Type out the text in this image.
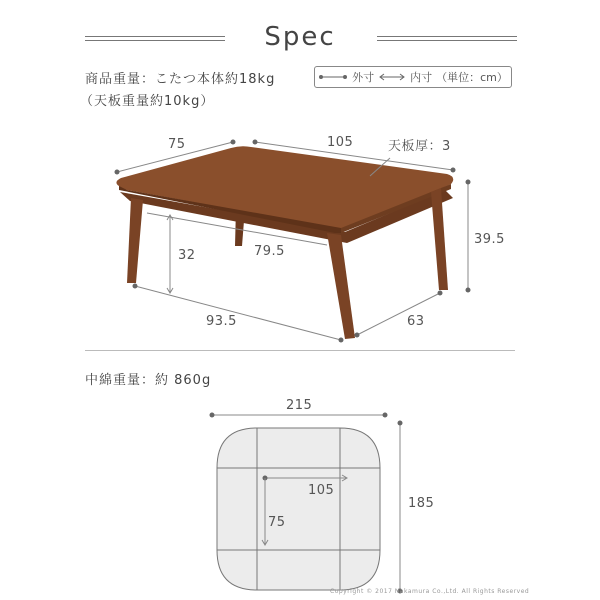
Spec
商品重量：こたつ本体約18kg
（天板重量約10kg）
外寸	内寸 （単位：cm）
75	105	天板厚：3
39.5
32	79.5
93.5	63
中綿重量：約 860g
215
185
105
75
Copyright © 2017 Nakamura Co.,Ltd. All Rights Reserved
